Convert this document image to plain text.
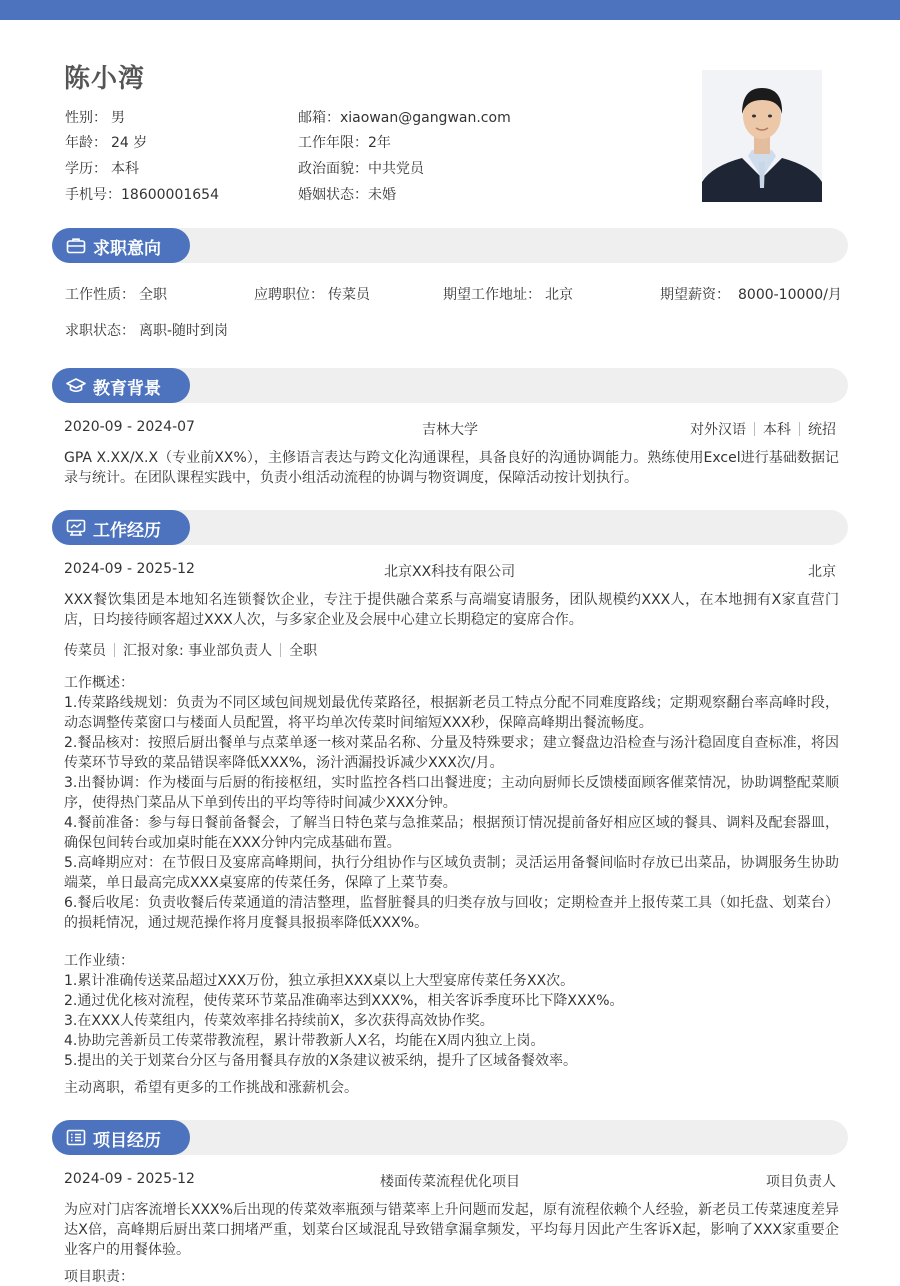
陈小湾
性别： 男
年龄： 24 岁
学历： 本科
手机号：18600001654
邮箱：xiaowan@gangwan.com
工作年限：2年
政治面貌：中共党员
婚姻状态：未婚
求职意向
工作性质： 全职	应聘职位： 传菜员	期望工作地址： 北京	期望薪资： 8000-10000/月
求职状态： 离职-随时到岗
教育背景
2020-09 - 2024-07	吉林大学	对外汉语 本科 统招
GPA X.XX/X.X（专业前XX%），主修语言表达与跨文化沟通课程，具备良好的沟通协调能力。熟练使用Excel进行基础数据记录与统计。在团队课程实践中，负责小组活动流程的协调与物资调度，保障活动按计划执行。
工作经历
2024-09 - 2025-12	北京XX科技有限公司	北京
XXX餐饮集团是本地知名连锁餐饮企业，专注于提供融合菜系与高端宴请服务，团队规模约XXX人，在本地拥有X家直营门店，日均接待顾客超过XXX人次，与多家企业及会展中心建立长期稳定的宴席合作。
传菜员 汇报对象: 事业部负责人 全职
工作概述：
1.传菜路线规划：负责为不同区域包间规划最优传菜路径，根据新老员工特点分配不同难度路线；定期观察翻台率高峰时段，动态调整传菜窗口与楼面人员配置，将平均单次传菜时间缩短XXX秒，保障高峰期出餐流畅度。
2.餐品核对：按照后厨出餐单与点菜单逐一核对菜品名称、分量及特殊要求；建立餐盘边沿检查与汤汁稳固度自查标准，将因传菜环节导致的菜品错误率降低XXX%，汤汁洒漏投诉减少XXX次/月。
3.出餐协调：作为楼面与后厨的衔接枢纽，实时监控各档口出餐进度；主动向厨师长反馈楼面顾客催菜情况，协助调整配菜顺序，使得热门菜品从下单到传出的平均等待时间减少XXX分钟。
4.餐前准备：参与每日餐前备餐会，了解当日特色菜与急推菜品；根据预订情况提前备好相应区域的餐具、调料及配套器皿，确保包间转台或加桌时能在XXX分钟内完成基础布置。
5.高峰期应对：在节假日及宴席高峰期间，执行分组协作与区域负责制；灵活运用备餐间临时存放已出菜品，协调服务生协助端菜，单日最高完成XXX桌宴席的传菜任务，保障了上菜节奏。
6.餐后收尾：负责收餐后传菜通道的清洁整理，监督脏餐具的归类存放与回收；定期检查并上报传菜工具（如托盘、划菜台）的损耗情况，通过规范操作将月度餐具报损率降低XXX%。
工作业绩：
1.累计准确传送菜品超过XXX万份，独立承担XXX桌以上大型宴席传菜任务XX次。
2.通过优化核对流程，使传菜环节菜品准确率达到XXX%，相关客诉季度环比下降XXX%。
3.在XXX人传菜组内，传菜效率排名持续前X，多次获得高效协作奖。
4.协助完善新员工传菜带教流程，累计带教新人X名，均能在X周内独立上岗。
5.提出的关于划菜台分区与备用餐具存放的X条建议被采纳，提升了区域备餐效率。
主动离职，希望有更多的工作挑战和涨薪机会。
项目经历
2024-09 - 2025-12	楼面传菜流程优化项目	项目负责人
为应对门店客流增长XXX%后出现的传菜效率瓶颈与错菜率上升问题而发起，原有流程依赖个人经验，新老员工传菜速度差异达X倍，高峰期后厨出菜口拥堵严重，划菜台区域混乱导致错拿漏拿频发，平均每月因此产生客诉X起，影响了XXX家重要企业客户的用餐体验。
项目职责：
